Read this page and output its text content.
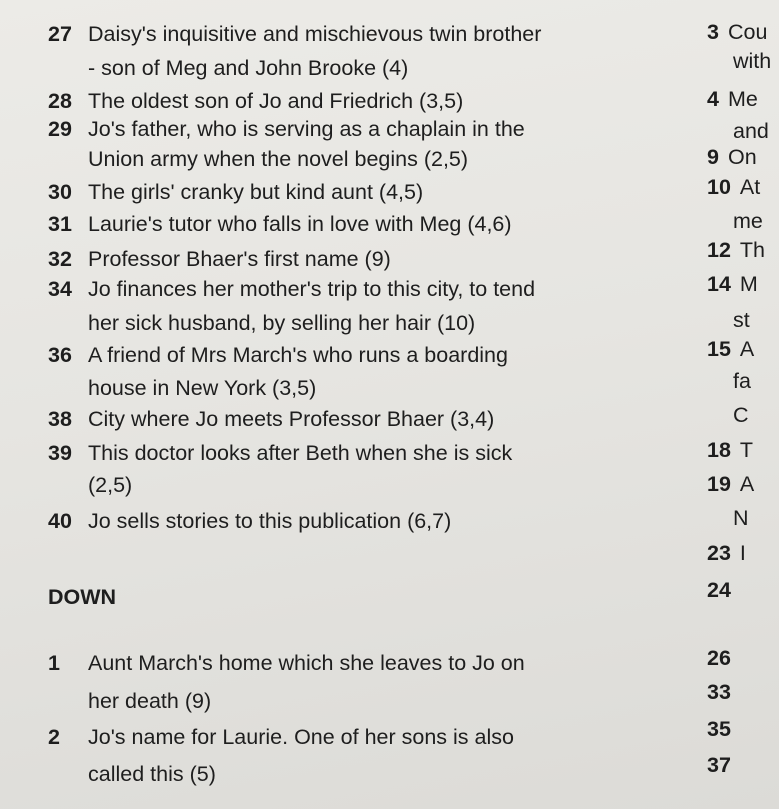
27 Daisy's inquisitive and mischievous twin brother
- son of Meg and John Brooke (4)
28 The oldest son of Jo and Friedrich (3,5)
29 Jo's father, who is serving as a chaplain in the
Union army when the novel begins (2,5)
30 The girls' cranky but kind aunt (4,5)
31 Laurie's tutor who falls in love with Meg (4,6)
32 Professor Bhaer's first name (9)
34 Jo finances her mother's trip to this city, to tend
her sick husband, by selling her hair (10)
36 A friend of Mrs March's who runs a boarding
house in New York (3,5)
38 City where Jo meets Professor Bhaer (3,4)
39 This doctor looks after Beth when she is sick
(2,5)
40 Jo sells stories to this publication (6,7)
DOWN
1 Aunt March's home which she leaves to Jo on
her death (9)
2 Jo's name for Laurie. One of her sons is also
called this (5)
3 Cou
with
4 Me
and
9 On
10 At
me
12 Th
14 M
st
15 A
fa
C
18 T
19 A
N
23 I
24
26
33
35
37
